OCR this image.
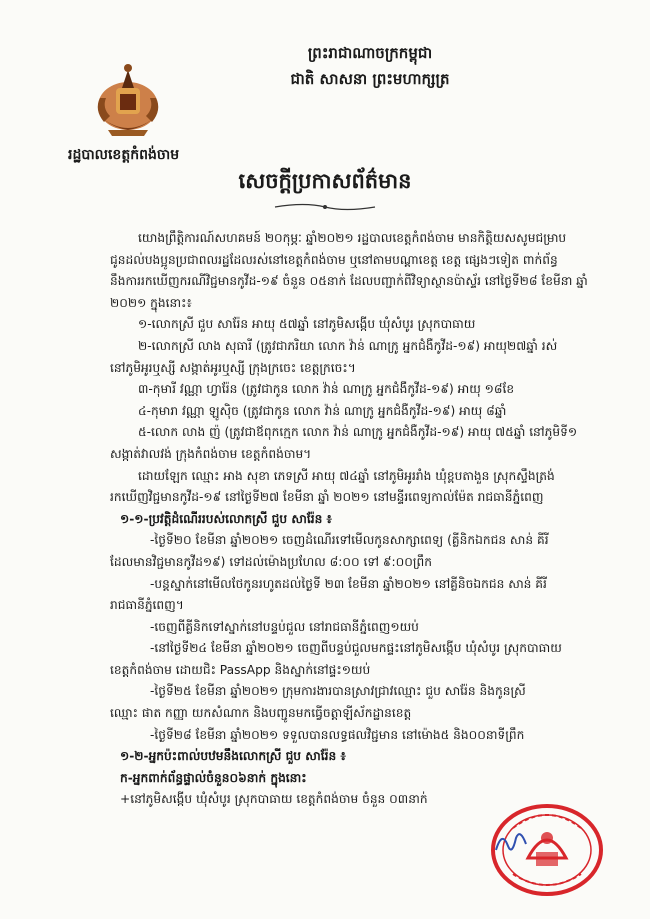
រដ្ឋបាលខេត្តកំពង់ចាម
ព្រះរាជាណាចក្រកម្ពុជា
ជាតិ សាសនា ព្រះមហាក្សត្រ
សេចក្តីប្រកាសព័ត៌មាន

យោងព្រឹត្តិការណ៍សហគមន៍ ២០កុម្ភៈ ឆ្នាំ២០២១ រដ្ឋបាលខេត្តកំពង់ចាម មានកិត្តិយសសូមជម្រាប

ជូនដល់បងប្អូនប្រជាពលរដ្ឋដែលរស់នៅខេត្តកំពង់ចាម ឬនៅតាមបណ្តាខេត្ត ខេត្ត ផ្សេងៗទៀត ពាក់ព័ន្ធ

នឹងការរកឃើញករណីវិជ្ជមានកូវីដ-១៩ ចំនួន ០៥នាក់ ដែលបញ្ជាក់ពីវិទ្យាស្ថានប៉ាស្ទ័រ នៅថ្ងៃទី២៨ ខែមីនា ឆ្នាំ

២០២១ ក្នុងនោះ៖

១-លោកស្រី ជួប សារ៉ែន អាយុ ៥៧ឆ្នាំ នៅភូមិសង្កើប ឃុំសំបូរ ស្រុកបាធាយ

២-លោកស្រី លាង សុធារី (ត្រូវជាភរិយា លោក វ៉ាន់ ណាក្រូ អ្នកជំងឺកូវីដ-១៩) អាយុ២៧ឆ្នាំ រស់

នៅភូមិអូរឬស្សី សង្កាត់អូរឬស្សី ក្រុងក្រចេះ ខេត្តក្រចេះ។

៣-កុមារី វណ្ណា ហ្វារ៉ែន (ត្រូវជាកូន លោក វ៉ាន់ ណាក្រូ អ្នកជំងឺកូវីដ-១៩) អាយុ ១៨ខែ

៤-កុមារា វណ្ណា ឡូស៊ិច (ត្រូវជាកូន លោក វ៉ាន់ ណាក្រូ អ្នកជំងឺកូវីដ-១៩) អាយុ ៨ឆ្នាំ

៥-លោក លាង ញ៉ (ត្រូវជាឪពុកក្មេក លោក វ៉ាន់ ណាក្រូ អ្នកជំងឺកូវីដ-១៩) អាយុ ៧៥ឆ្នាំ នៅភូមិទី១

សង្កាត់វាលវង់ ក្រុងកំពង់ចាម ខេត្តកំពង់ចាម។

ដោយឡែក ឈ្មោះ អាង សុខា ភេទស្រី អាយុ ៧៤ឆ្នាំ នៅភូមិអូររាំង ឃុំខ្ពបតាងួន ស្រុកស្ទឹងត្រង់

រកឃើញវិជ្ជមានកូវីដ-១៩ នៅថ្ងៃទី២៧ ខែមីនា ឆ្នាំ ២០២១ នៅមន្ទីរពេទ្យកាល់ម៉ែត រាជធានីភ្នំពេញ

១-១-ប្រវត្តិដំណើររបស់លោកស្រី ជួប សារ៉ែន ៖

-ថ្ងៃទី២០ ខែមីនា ឆ្នាំ២០២១ ចេញដំណើរទៅមើលកូនសាក្សាពេទ្យ (គ្លីនិកឯកជន សាន់ គីរី

ដែលមានវិជ្ជមានកូវីដ១៩) ទៅដល់ម៉ោងប្រហែល ៨:០០ ទៅ ៩:០០ព្រឹក

-បន្តស្នាក់នៅមើលថែកូនរហូតដល់ថ្ងៃទី ២៣ ខែមីនា ឆ្នាំ២០២១ នៅគ្លីនិចឯកជន សាន់ គីរី

រាជធានីភ្នំពេញ។

-ចេញពីគ្លីនិកទៅស្នាក់នៅបន្ទប់ជួល នៅរាជធានីភ្នំពេញ១យប់

-នៅថ្ងៃទី២៤ ខែមីនា ឆ្នាំ២០២១ ចេញពីបន្ទប់ជួលមកផ្ទះនៅភូមិសង្កើប ឃុំសំបូរ ស្រុកបាធាយ

ខេត្តកំពង់ចាម ដោយជិះ PassApp និងស្នាក់នៅផ្ទះ១យប់

-ថ្ងៃទី២៥ ខែមីនា ឆ្នាំ២០២១ ក្រុមការងារបានស្រាវជ្រាវឈ្មោះ ជួប សារ៉ែន និងកូនស្រី

ឈ្មោះ ផាត កញ្ញា យកសំណាក និងបញ្ជូនមកធ្វើចត្តាឡីស័កដ្ឋានខេត្ត

-ថ្ងៃទី២៨ ខែមីនា ឆ្នាំ២០២១ ទទួលបានលទ្ធផលវិជ្ជមាន នៅម៉ោង៥ និង០០នាទីព្រឹក

១-២-អ្នកប៉ះពាល់បឋមនឹងលោកស្រី ជួប សារ៉ែន ៖

ក-អ្នកពាក់ព័ន្ធផ្ទាល់ចំនួន០៦នាក់ ក្នុងនោះ

+នៅភូមិសង្កើប ឃុំសំបូរ ស្រុកបាធាយ ខេត្តកំពង់ចាម ចំនួន ០៣នាក់
